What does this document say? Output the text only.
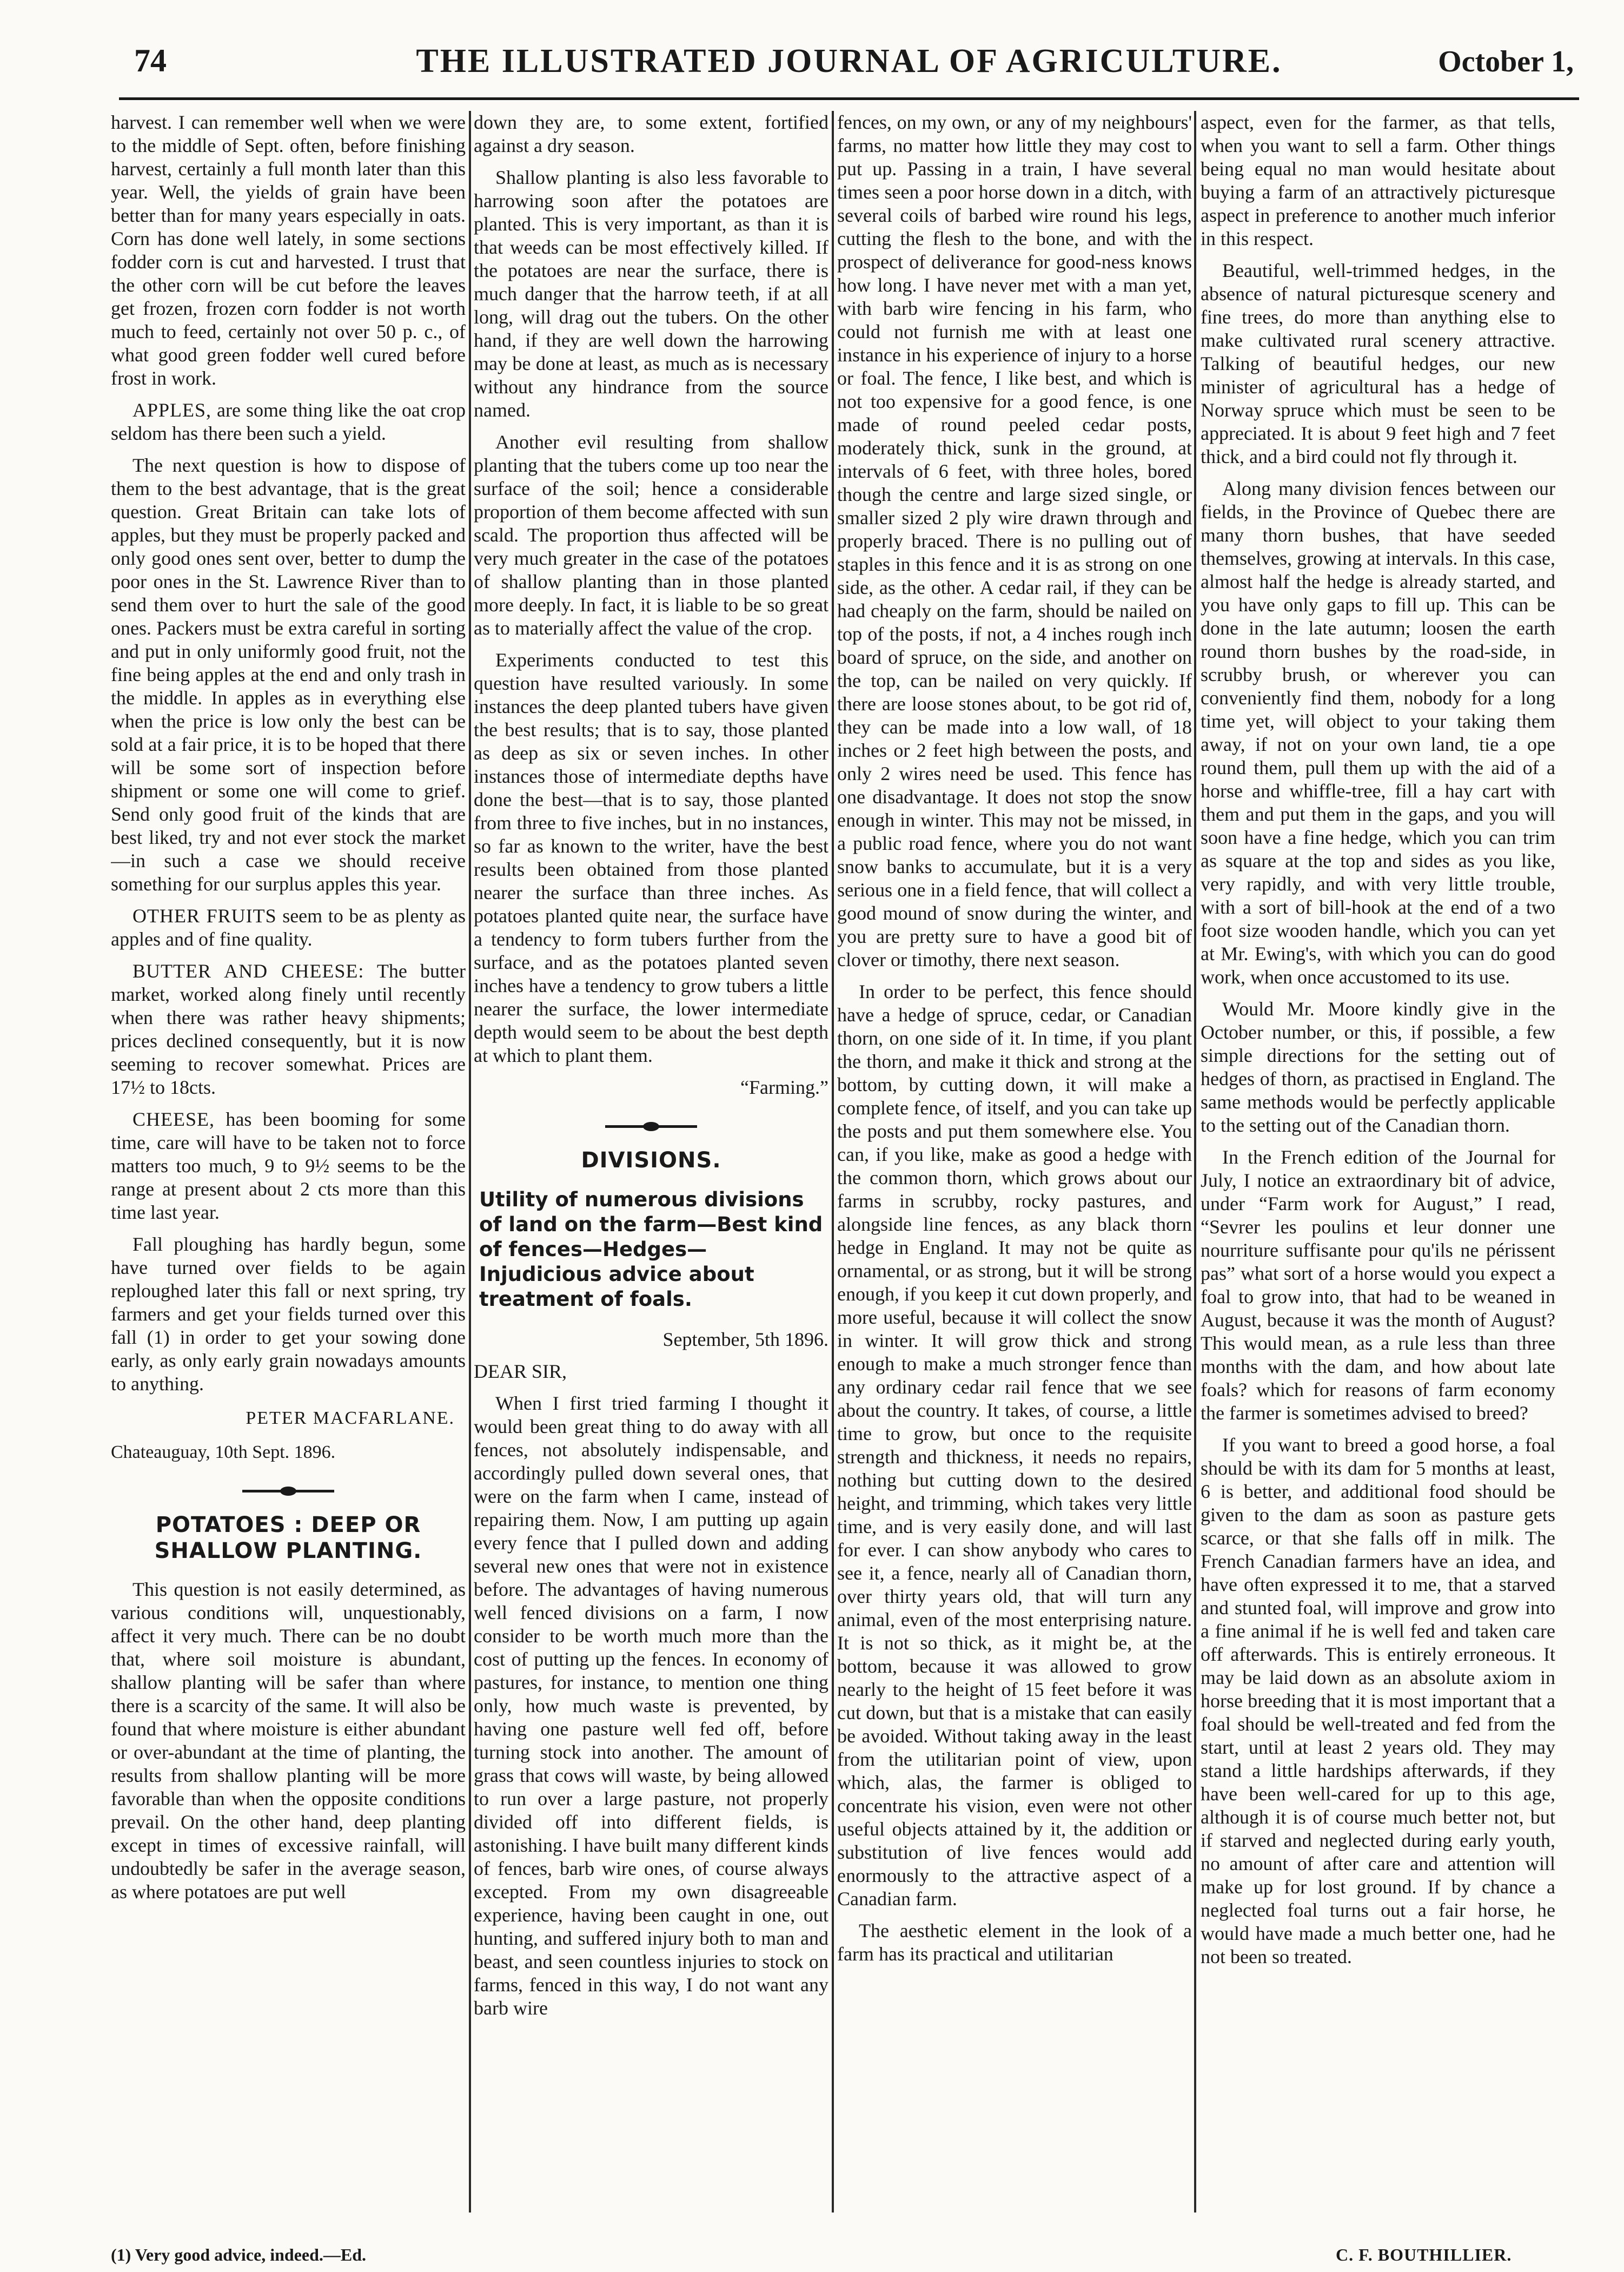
74	THE ILLUSTRATED JOURNAL OF AGRICULTURE.	October 1,

harvest. I can remember well when we were to the middle of Sept. often, before finishing harvest, certainly a full month later than this year. Well, the yields of grain have been better than for many years especially in oats. Corn has done well lately, in some sections fodder corn is cut and harvested. I trust that the other corn will be cut before the leaves get frozen, frozen corn fodder is not worth much to feed, certainly not over 50 p. c., of what good green fodder well cured before frost in work.

APPLES, are some thing like the oat crop seldom has there been such a yield.

The next question is how to dispose of them to the best advantage, that is the great question. Great Britain can take lots of apples, but they must be properly packed and only good ones sent over, better to dump the poor ones in the St. Lawrence River than to send them over to hurt the sale of the good ones. Packers must be extra careful in sorting and put in only uniformly good fruit, not the fine being apples at the end and only trash in the middle. In apples as in everything else when the price is low only the best can be sold at a fair price, it is to be hoped that there will be some sort of inspection before shipment or some one will come to grief. Send only good fruit of the kinds that are best liked, try and not ever stock the market—in such a case we should receive something for our surplus apples this year.

OTHER FRUITS seem to be as plenty as apples and of fine quality.

BUTTER AND CHEESE: The butter market, worked along finely until recently when there was rather heavy shipments; prices declined consequently, but it is now seeming to recover somewhat. Prices are 17½ to 18cts.

CHEESE, has been booming for some time, care will have to be taken not to force matters too much, 9 to 9½ seems to be the range at present about 2 cts more than this time last year.

Fall ploughing has hardly begun, some have turned over fields to be again reploughed later this fall or next spring, try farmers and get your fields turned over this fall (1) in order to get your sowing done early, as only early grain nowadays amounts to anything.

PETER MACFARLANE.

Chateauguay, 10th Sept. 1896.

POTATOES : DEEP OR SHALLOW PLANTING.

This question is not easily determined, as various conditions will, unquestionably, affect it very much. There can be no doubt that, where soil moisture is abundant, shallow planting will be safer than where there is a scarcity of the same. It will also be found that where moisture is either abundant or over-abundant at the time of planting, the results from shallow planting will be more favorable than when the opposite conditions prevail. On the other hand, deep planting except in times of excessive rainfall, will undoubtedly be safer in the average season, as where potatoes are put well

down they are, to some extent, fortified against a dry season.

Shallow planting is also less favorable to harrowing soon after the potatoes are planted. This is very important, as than it is that weeds can be most effectively killed. If the potatoes are near the surface, there is much danger that the harrow teeth, if at all long, will drag out the tubers. On the other hand, if they are well down the harrowing may be done at least, as much as is necessary without any hindrance from the source named.

Another evil resulting from shallow planting that the tubers come up too near the surface of the soil; hence a considerable proportion of them become affected with sun scald. The proportion thus affected will be very much greater in the case of the potatoes of shallow planting than in those planted more deeply. In fact, it is liable to be so great as to materially affect the value of the crop.

Experiments conducted to test this question have resulted variously. In some instances the deep planted tubers have given the best results; that is to say, those planted as deep as six or seven inches. In other instances those of intermediate depths have done the best—that is to say, those planted from three to five inches, but in no instances, so far as known to the writer, have the best results been obtained from those planted nearer the surface than three inches. As potatoes planted quite near, the surface have a tendency to form tubers further from the surface, and as the potatoes planted seven inches have a tendency to grow tubers a little nearer the surface, the lower intermediate depth would seem to be about the best depth at which to plant them.

“Farming.”

DIVISIONS.
Utility of numerous divisions of land on the farm—Best kind of fences—Hedges—Injudicious advice about treatment of foals.

September, 5th 1896.

DEAR SIR,

When I first tried farming I thought it would been great thing to do away with all fences, not absolutely indispensable, and accordingly pulled down several ones, that were on the farm when I came, instead of repairing them. Now, I am putting up again every fence that I pulled down and adding several new ones that were not in existence before. The advantages of having numerous well fenced divisions on a farm, I now consider to be worth much more than the cost of putting up the fences. In economy of pastures, for instance, to mention one thing only, how much waste is prevented, by having one pasture well fed off, before turning stock into another. The amount of grass that cows will waste, by being allowed to run over a large pasture, not properly divided off into different fields, is astonishing. I have built many different kinds of fences, barb wire ones, of course always excepted. From my own disagreeable experience, having been caught in one, out hunting, and suffered injury both to man and beast, and seen countless injuries to stock on farms, fenced in this way, I do not want any barb wire

fences, on my own, or any of my neighbours' farms, no matter how little they may cost to put up. Passing in a train, I have several times seen a poor horse down in a ditch, with several coils of barbed wire round his legs, cutting the flesh to the bone, and with the prospect of deliverance for good-ness knows how long. I have never met with a man yet, with barb wire fencing in his farm, who could not furnish me with at least one instance in his experience of injury to a horse or foal. The fence, I like best, and which is not too expensive for a good fence, is one made of round peeled cedar posts, moderately thick, sunk in the ground, at intervals of 6 feet, with three holes, bored though the centre and large sized single, or smaller sized 2 ply wire drawn through and properly braced. There is no pulling out of staples in this fence and it is as strong on one side, as the other. A cedar rail, if they can be had cheaply on the farm, should be nailed on top of the posts, if not, a 4 inches rough inch board of spruce, on the side, and another on the top, can be nailed on very quickly. If there are loose stones about, to be got rid of, they can be made into a low wall, of 18 inches or 2 feet high between the posts, and only 2 wires need be used. This fence has one disadvantage. It does not stop the snow enough in winter. This may not be missed, in a public road fence, where you do not want snow banks to accumulate, but it is a very serious one in a field fence, that will collect a good mound of snow during the winter, and you are pretty sure to have a good bit of clover or timothy, there next season.

In order to be perfect, this fence should have a hedge of spruce, cedar, or Canadian thorn, on one side of it. In time, if you plant the thorn, and make it thick and strong at the bottom, by cutting down, it will make a complete fence, of itself, and you can take up the posts and put them somewhere else. You can, if you like, make as good a hedge with the common thorn, which grows about our farms in scrubby, rocky pastures, and alongside line fences, as any black thorn hedge in England. It may not be quite as ornamental, or as strong, but it will be strong enough, if you keep it cut down properly, and more useful, because it will collect the snow in winter. It will grow thick and strong enough to make a much stronger fence than any ordinary cedar rail fence that we see about the country. It takes, of course, a little time to grow, but once to the requisite strength and thickness, it needs no repairs, nothing but cutting down to the desired height, and trimming, which takes very little time, and is very easily done, and will last for ever. I can show anybody who cares to see it, a fence, nearly all of Canadian thorn, over thirty years old, that will turn any animal, even of the most enterprising nature. It is not so thick, as it might be, at the bottom, because it was allowed to grow nearly to the height of 15 feet before it was cut down, but that is a mistake that can easily be avoided. Without taking away in the least from the utilitarian point of view, upon which, alas, the farmer is obliged to concentrate his vision, even were not other useful objects attained by it, the addition or substitution of live fences would add enormously to the attractive aspect of a Canadian farm.

The aesthetic element in the look of a farm has its practical and utilitarian

aspect, even for the farmer, as that tells, when you want to sell a farm. Other things being equal no man would hesitate about buying a farm of an attractively picturesque aspect in preference to another much inferior in this respect.

Beautiful, well-trimmed hedges, in the absence of natural picturesque scenery and fine trees, do more than anything else to make cultivated rural scenery attractive. Talking of beautiful hedges, our new minister of agricultural has a hedge of Norway spruce which must be seen to be appreciated. It is about 9 feet high and 7 feet thick, and a bird could not fly through it.

Along many division fences between our fields, in the Province of Quebec there are many thorn bushes, that have seeded themselves, growing at intervals. In this case, almost half the hedge is already started, and you have only gaps to fill up. This can be done in the late autumn; loosen the earth round thorn bushes by the road-side, in scrubby brush, or wherever you can conveniently find them, nobody for a long time yet, will object to your taking them away, if not on your own land, tie a ope round them, pull them up with the aid of a horse and whiffle-tree, fill a hay cart with them and put them in the gaps, and you will soon have a fine hedge, which you can trim as square at the top and sides as you like, very rapidly, and with very little trouble, with a sort of bill-hook at the end of a two foot size wooden handle, which you can yet at Mr. Ewing's, with which you can do good work, when once accustomed to its use.

Would Mr. Moore kindly give in the October number, or this, if possible, a few simple directions for the setting out of hedges of thorn, as practised in England. The same methods would be perfectly applicable to the setting out of the Canadian thorn.

In the French edition of the Journal for July, I notice an extraordinary bit of advice, under “Farm work for August,” I read, “Sevrer les poulins et leur donner une nourriture suffisante pour qu'ils ne périssent pas” what sort of a horse would you expect a foal to grow into, that had to be weaned in August, because it was the month of August? This would mean, as a rule less than three months with the dam, and how about late foals? which for reasons of farm economy the farmer is sometimes advised to breed?

If you want to breed a good horse, a foal should be with its dam for 5 months at least, 6 is better, and additional food should be given to the dam as soon as pasture gets scarce, or that she falls off in milk. The French Canadian farmers have an idea, and have often expressed it to me, that a starved and stunted foal, will improve and grow into a fine animal if he is well fed and taken care off afterwards. This is entirely erroneous. It may be laid down as an absolute axiom in horse breeding that it is most important that a foal should be well-treated and fed from the start, until at least 2 years old. They may stand a little hardships afterwards, if they have been well-cared for up to this age, although it is of course much better not, but if starved and neglected during early youth, no amount of after care and attention will make up for lost ground. If by chance a neglected foal turns out a fair horse, he would have made a much better one, had he not been so treated.

(1) Very good advice, indeed.—Ed.	C. F. BOUTHILLIER.
